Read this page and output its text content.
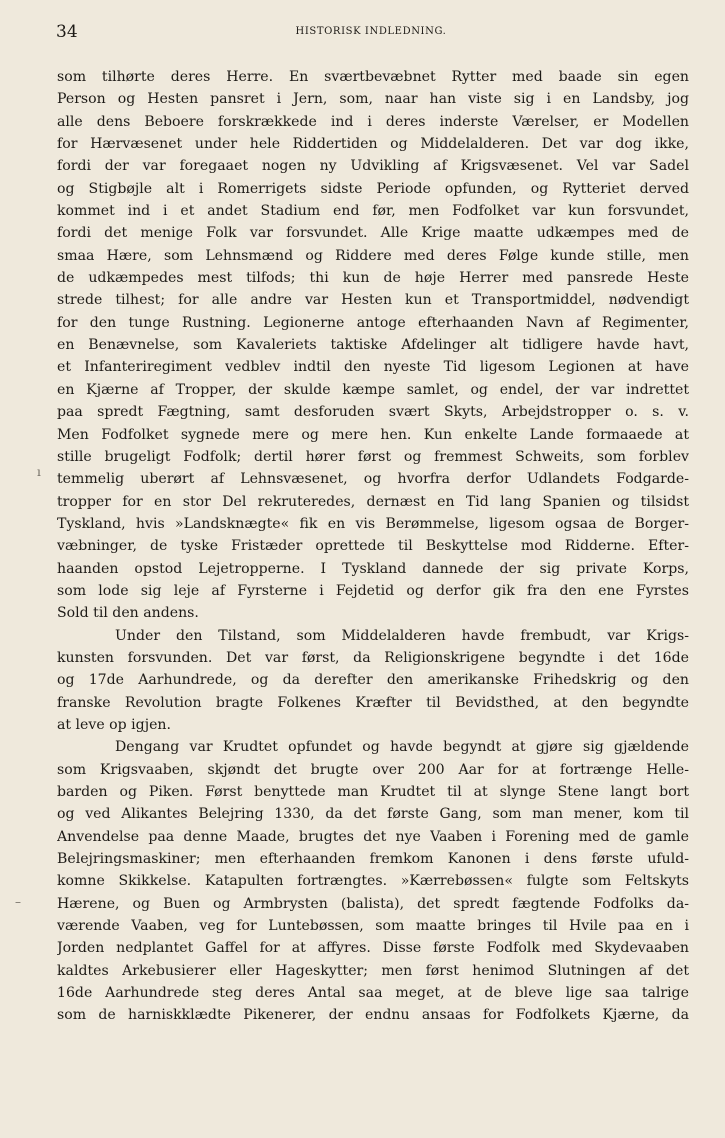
34	HISTORISK INDLEDNING.
ı
–
som tilhørte deres Herre. En sværtbevæbnet Rytter med baade sin egen
Person og Hesten pansret i Jern, som, naar han viste sig i en Landsby, jog
alle dens Beboere forskrækkede ind i deres inderste Værelser, er Modellen
for Hærvæsenet under hele Riddertiden og Middelalderen. Det var dog ikke,
fordi der var foregaaet nogen ny Udvikling af Krigsvæsenet. Vel var Sadel
og Stigbøjle alt i Romerrigets sidste Periode opfunden, og Rytteriet derved
kommet ind i et andet Stadium end før, men Fodfolket var kun forsvundet,
fordi det menige Folk var forsvundet. Alle Krige maatte udkæmpes med de
smaa Hære, som Lehnsmænd og Riddere med deres Følge kunde stille, men
de udkæmpedes mest tilfods; thi kun de høje Herrer med pansrede Heste
strede tilhest; for alle andre var Hesten kun et Transportmiddel, nødvendigt
for den tunge Rustning. Legionerne antoge efterhaanden Navn af Regimenter,
en Benævnelse, som Kavaleriets taktiske Afdelinger alt tidligere havde havt,
et Infanteriregiment vedblev indtil den nyeste Tid ligesom Legionen at have
en Kjærne af Tropper, der skulde kæmpe samlet, og endel, der var indrettet
paa spredt Fægtning, samt desforuden svært Skyts, Arbejdstropper o. s. v.
Men Fodfolket sygnede mere og mere hen. Kun enkelte Lande formaaede at
stille brugeligt Fodfolk; dertil hører først og fremmest Schweits, som forblev
temmelig uberørt af Lehnsvæsenet, og hvorfra derfor Udlandets Fodgarde-
tropper for en stor Del rekruteredes, dernæst en Tid lang Spanien og tilsidst
Tyskland, hvis »Landsknægte« fik en vis Berømmelse, ligesom ogsaa de Borger-
væbninger, de tyske Fristæder oprettede til Beskyttelse mod Ridderne. Efter-
haanden opstod Lejetropperne. I Tyskland dannede der sig private Korps,
som lode sig leje af Fyrsterne i Fejdetid og derfor gik fra den ene Fyrstes
Sold til den andens.
Under den Tilstand, som Middelalderen havde frembudt, var Krigs-
kunsten forsvunden. Det var først, da Religionskrigene begyndte i det 16de
og 17de Aarhundrede, og da derefter den amerikanske Frihedskrig og den
franske Revolution bragte Folkenes Kræfter til Bevidsthed, at den begyndte
at leve op igjen.
Dengang var Krudtet opfundet og havde begyndt at gjøre sig gjældende
som Krigsvaaben, skjøndt det brugte over 200 Aar for at fortrænge Helle-
barden og Piken. Først benyttede man Krudtet til at slynge Stene langt bort
og ved Alikantes Belejring 1330, da det første Gang, som man mener, kom til
Anvendelse paa denne Maade, brugtes det nye Vaaben i Forening med de gamle
Belejringsmaskiner; men efterhaanden fremkom Kanonen i dens første ufuld-
komne Skikkelse. Katapulten fortrængtes. »Kærrebøssen« fulgte som Feltskyts
Hærene, og Buen og Armbrysten (balista), det spredt fægtende Fodfolks da-
værende Vaaben, veg for Luntebøssen, som maatte bringes til Hvile paa en i
Jorden nedplantet Gaffel for at affyres. Disse første Fodfolk med Skydevaaben
kaldtes Arkebusierer eller Hageskytter; men først henimod Slutningen af det
16de Aarhundrede steg deres Antal saa meget, at de bleve lige saa talrige
som de harniskklædte Pikenerer, der endnu ansaas for Fodfolkets Kjærne, da
